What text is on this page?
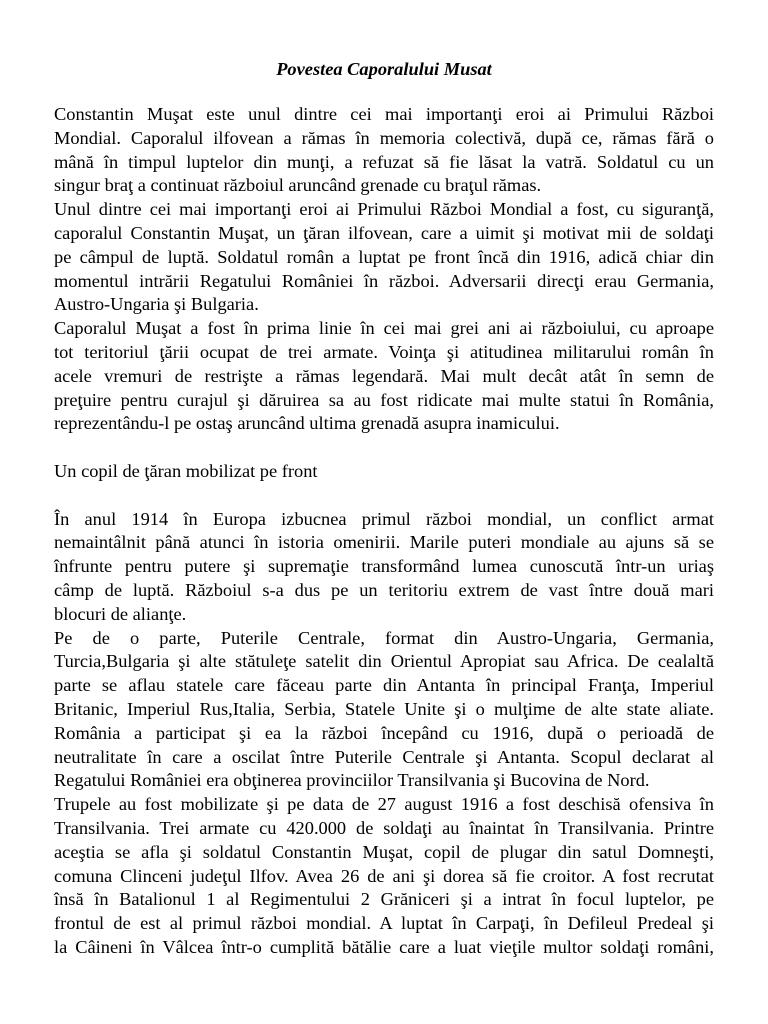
Povestea Caporalului Musat
Constantin Muşat este unul dintre cei mai importanţi eroi ai Primului Război
Mondial. Caporalul ilfovean a rămas în memoria colectivă, după ce, rămas fără o
mână în timpul luptelor din munţi, a refuzat să fie lăsat la vatră. Soldatul cu un
singur braţ a continuat războiul aruncând grenade cu braţul rămas.
Unul dintre cei mai importanţi eroi ai Primului Război Mondial a fost, cu siguranţă,
caporalul Constantin Muşat, un ţăran ilfovean, care a uimit şi motivat mii de soldaţi
pe câmpul de luptă. Soldatul român a luptat pe front încă din 1916, adică chiar din
momentul intrării Regatului României în război. Adversarii direcţi erau Germania,
Austro-Ungaria şi Bulgaria.
Caporalul Muşat a fost în prima linie în cei mai grei ani ai războiului, cu aproape
tot teritoriul ţării ocupat de trei armate. Voinţa şi atitudinea militarului român în
acele vremuri de restrişte a rămas legendară. Mai mult decât atât în semn de
preţuire pentru curajul şi dăruirea sa au fost ridicate mai multe statui în România,
reprezentându-l pe ostaş aruncând ultima grenadă asupra inamicului.
Un copil de ţăran mobilizat pe front
În anul 1914 în Europa izbucnea primul război mondial, un conflict armat
nemaintâlnit până atunci în istoria omenirii. Marile puteri mondiale au ajuns să se
înfrunte pentru putere şi supremaţie transformând lumea cunoscută într-un uriaş
câmp de luptă. Războiul s-a dus pe un teritoriu extrem de vast între două mari
blocuri de alianţe.
Pe de o parte, Puterile Centrale, format din Austro-Ungaria, Germania,
Turcia,Bulgaria şi alte stătuleţe satelit din Orientul Apropiat sau Africa. De cealaltă
parte se aflau statele care făceau parte din Antanta în principal Franţa, Imperiul
Britanic, Imperiul Rus,Italia, Serbia, Statele Unite şi o mulţime de alte state aliate.
România a participat şi ea la război începând cu 1916, după o perioadă de
neutralitate în care a oscilat între Puterile Centrale şi Antanta. Scopul declarat al
Regatului României era obţinerea provinciilor Transilvania şi Bucovina de Nord.
Trupele au fost mobilizate şi pe data de 27 august 1916 a fost deschisă ofensiva în
Transilvania. Trei armate cu 420.000 de soldaţi au înaintat în Transilvania. Printre
aceştia se afla şi soldatul Constantin Muşat, copil de plugar din satul Domneşti,
comuna Clinceni judeţul Ilfov. Avea 26 de ani şi dorea să fie croitor. A fost recrutat
însă în Batalionul 1 al Regimentului 2 Grăniceri şi a intrat în focul luptelor, pe
frontul de est al primul război mondial. A luptat în Carpaţi, în Defileul Predeal şi
la Câineni în Vâlcea într-o cumplită bătălie care a luat vieţile multor soldaţi români,
